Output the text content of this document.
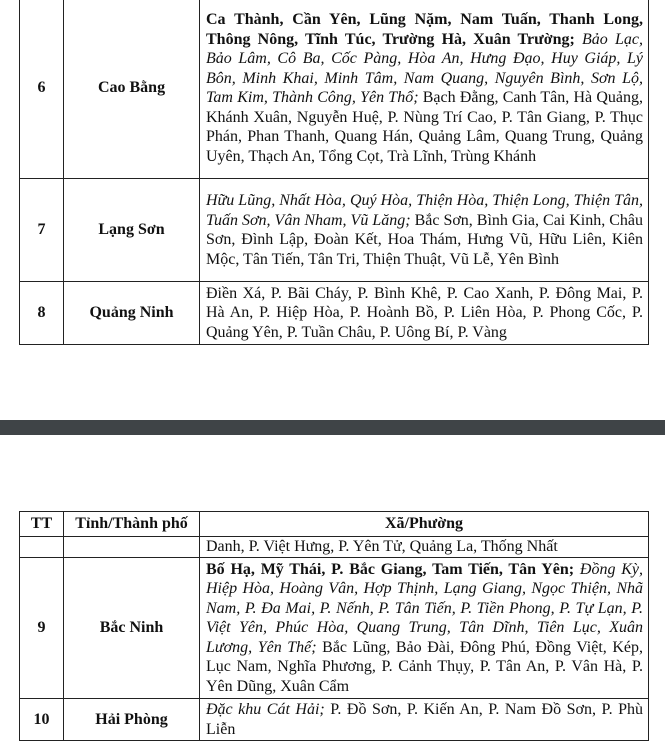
6	Cao Bằng	Ca Thành, Cần Yên, Lũng Nặm, Nam Tuấn, Thanh Long, Thông Nông, Tĩnh Túc, Trường Hà, Xuân Trường; Bảo Lạc, Bảo Lâm, Cô Ba, Cốc Pàng, Hòa An, Hưng Đạo, Huy Giáp, Lý Bôn, Minh Khai, Minh Tâm, Nam Quang, Nguyên Bình, Sơn Lộ, Tam Kim, Thành Công, Yên Thổ; Bạch Đằng, Canh Tân, Hà Quảng, Khánh Xuân, Nguyễn Huệ, P. Nùng Trí Cao, P. Tân Giang, P. Thục Phán, Phan Thanh, Quang Hán, Quảng Lâm, Quang Trung, Quảng Uyên, Thạch An, Tổng Cọt, Trà Lĩnh, Trùng Khánh
7	Lạng Sơn	Hữu Lũng, Nhất Hòa, Quý Hòa, Thiện Hòa, Thiện Long, Thiện Tân, Tuấn Sơn, Vân Nham, Vũ Lăng; Bắc Sơn, Bình Gia, Cai Kinh, Châu Sơn, Đình Lập, Đoàn Kết, Hoa Thám, Hưng Vũ, Hữu Liên, Kiên Mộc, Tân Tiến, Tân Tri, Thiện Thuật, Vũ Lễ, Yên Bình
8	Quảng Ninh	Điền Xá, P. Bãi Cháy, P. Bình Khê, P. Cao Xanh, P. Đông Mai, P. Hà An, P. Hiệp Hòa, P. Hoành Bồ, P. Liên Hòa, P. Phong Cốc, P. Quảng Yên, P. Tuần Châu, P. Uông Bí, P. Vàng
TT	Tỉnh/Thành phố	Xã/Phường
		Danh, P. Việt Hưng, P. Yên Tử, Quảng La, Thống Nhất
9	Bắc Ninh	Bố Hạ, Mỹ Thái, P. Bắc Giang, Tam Tiến, Tân Yên; Đồng Kỳ, Hiệp Hòa, Hoàng Vân, Hợp Thịnh, Lạng Giang, Ngọc Thiện, Nhã Nam, P. Đa Mai, P. Nếnh, P. Tân Tiến, P. Tiền Phong, P. Tự Lạn, P. Việt Yên, Phúc Hòa, Quang Trung, Tân Dĩnh, Tiên Lục, Xuân Lương, Yên Thế; Bắc Lũng, Bảo Đài, Đông Phú, Đồng Việt, Kép, Lục Nam, Nghĩa Phương, P. Cảnh Thụy, P. Tân An, P. Vân Hà, P. Yên Dũng, Xuân Cẩm
10	Hải Phòng	Đặc khu Cát Hải; P. Đồ Sơn, P. Kiến An, P. Nam Đồ Sơn, P. Phù Liễn
